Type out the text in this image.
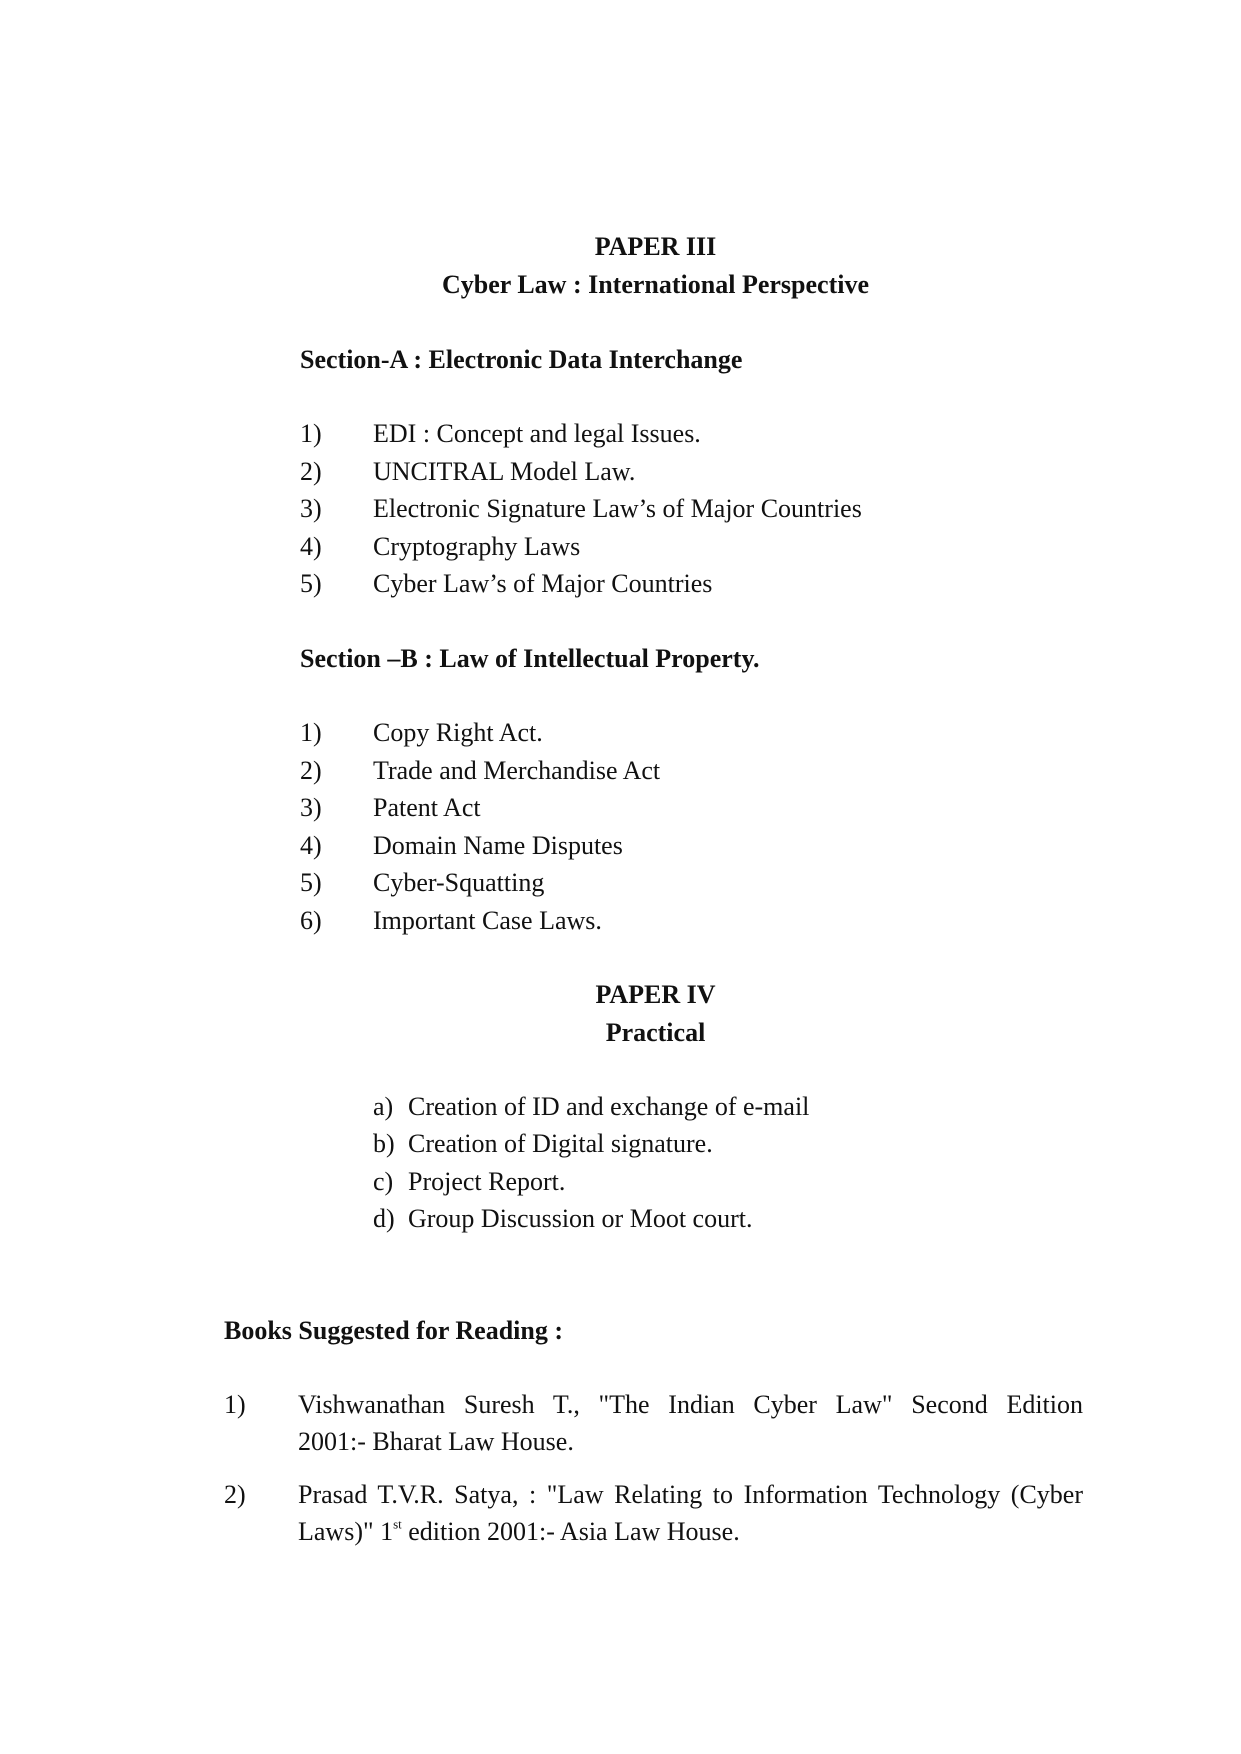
PAPER III
Cyber Law : International Perspective
Section-A : Electronic Data Interchange
1)	EDI : Concept and legal Issues.
2)	UNCITRAL Model Law.
3)	Electronic Signature Law’s of Major Countries
4)	Cryptography Laws
5)	Cyber Law’s of Major Countries
Section –B : Law of Intellectual Property.
1)	Copy Right Act.
2)	Trade and Merchandise Act
3)	Patent Act
4)	Domain Name Disputes
5)	Cyber-Squatting
6)	Important Case Laws.
PAPER IV
Practical
a) Creation of ID and exchange of e-mail
b) Creation of Digital signature.
c) Project Report.
d) Group Discussion or Moot court.
Books Suggested for Reading :
1)	Vishwanathan Suresh T., "The Indian Cyber Law" Second Edition
2001:- Bharat Law House.
2)	Prasad T.V.R. Satya, : "Law Relating to Information Technology (Cyber
Laws)" 1st edition 2001:- Asia Law House.
